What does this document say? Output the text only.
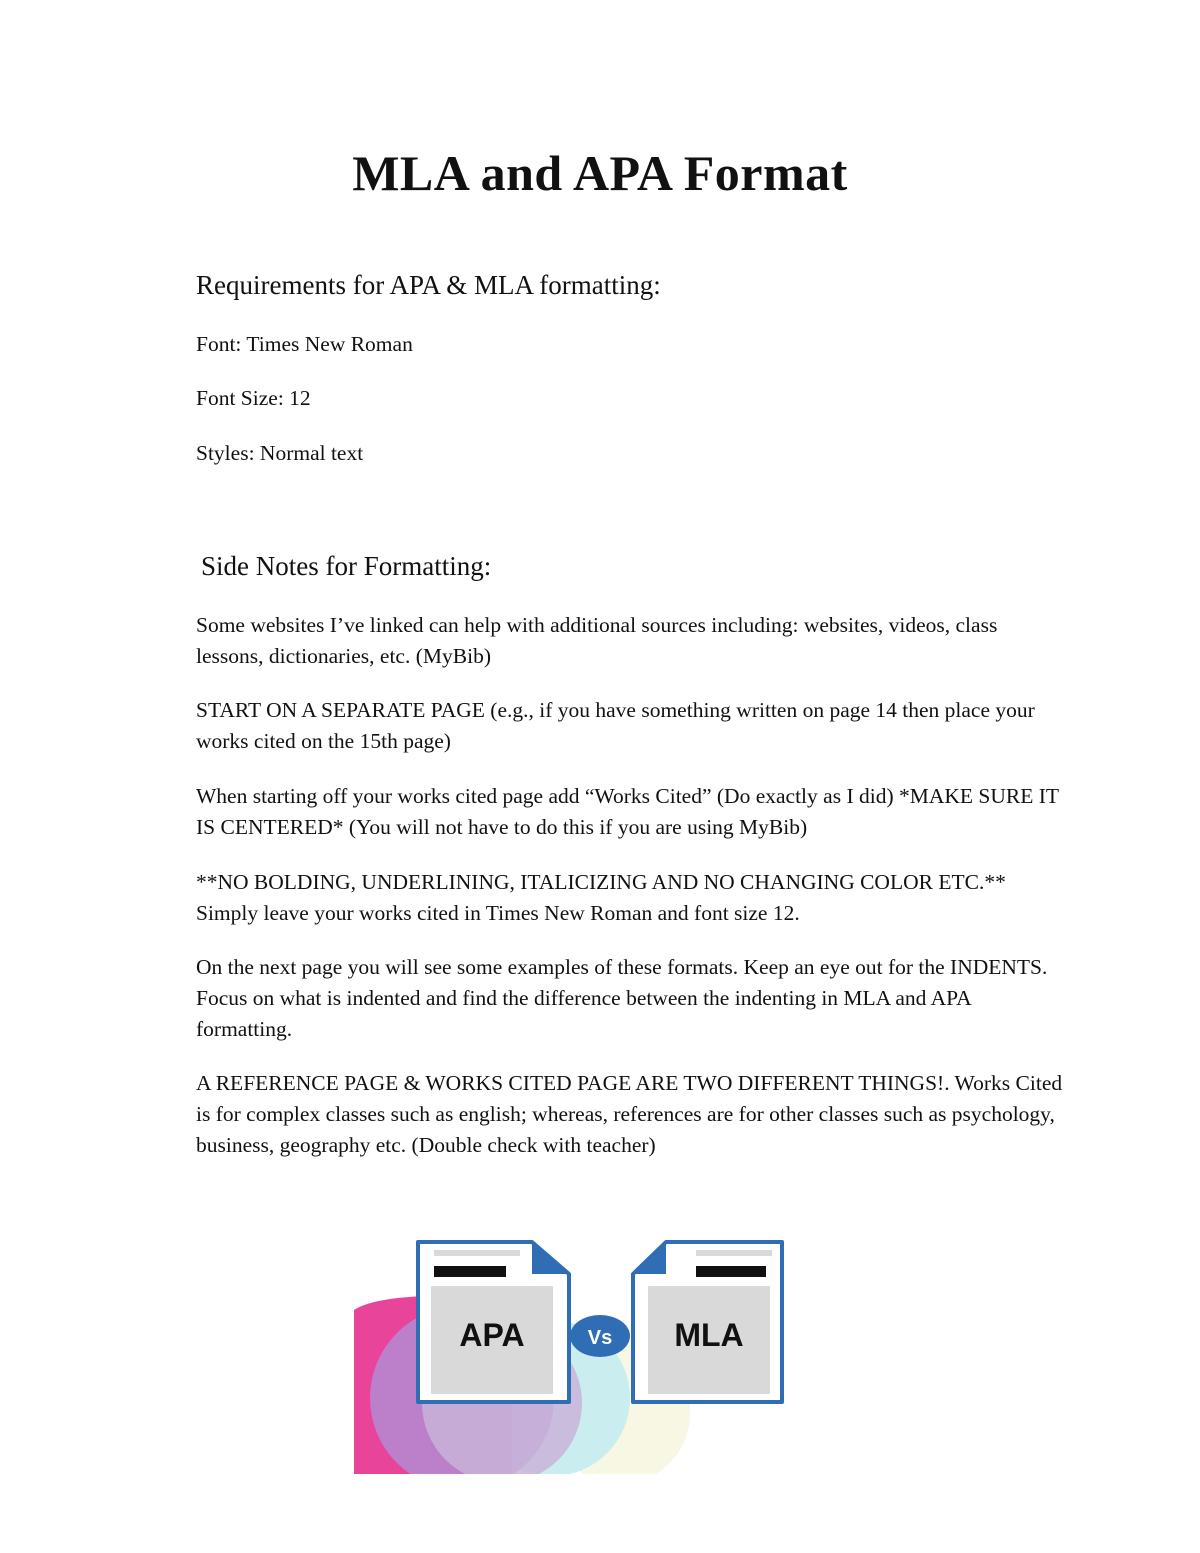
MLA and APA Format
Requirements for APA & MLA formatting:

Font: Times New Roman

Font Size: 12

Styles: Normal text

Side Notes for Formatting:

Some websites I’ve linked can help with additional sources including: websites, videos, class lessons, dictionaries, etc. (MyBib)

START ON A SEPARATE PAGE (e.g., if you have something written on page 14 then place your works cited on the 15th page)

When starting off your works cited page add “Works Cited” (Do exactly as I did) *MAKE SURE IT IS CENTERED* (You will not have to do this if you are using MyBib)

**NO BOLDING, UNDERLINING, ITALICIZING AND NO CHANGING COLOR ETC.** Simply leave your works cited in Times New Roman and font size 12.

On the next page you will see some examples of these formats. Keep an eye out for the INDENTS. Focus on what is indented and find the difference between the indenting in MLA and APA formatting.

A REFERENCE PAGE & WORKS CITED PAGE ARE TWO DIFFERENT THINGS!. Works Cited is for complex classes such as english; whereas, references are for other classes such as psychology, business, geography etc. (Double check with teacher)

APA	Vs MLA
